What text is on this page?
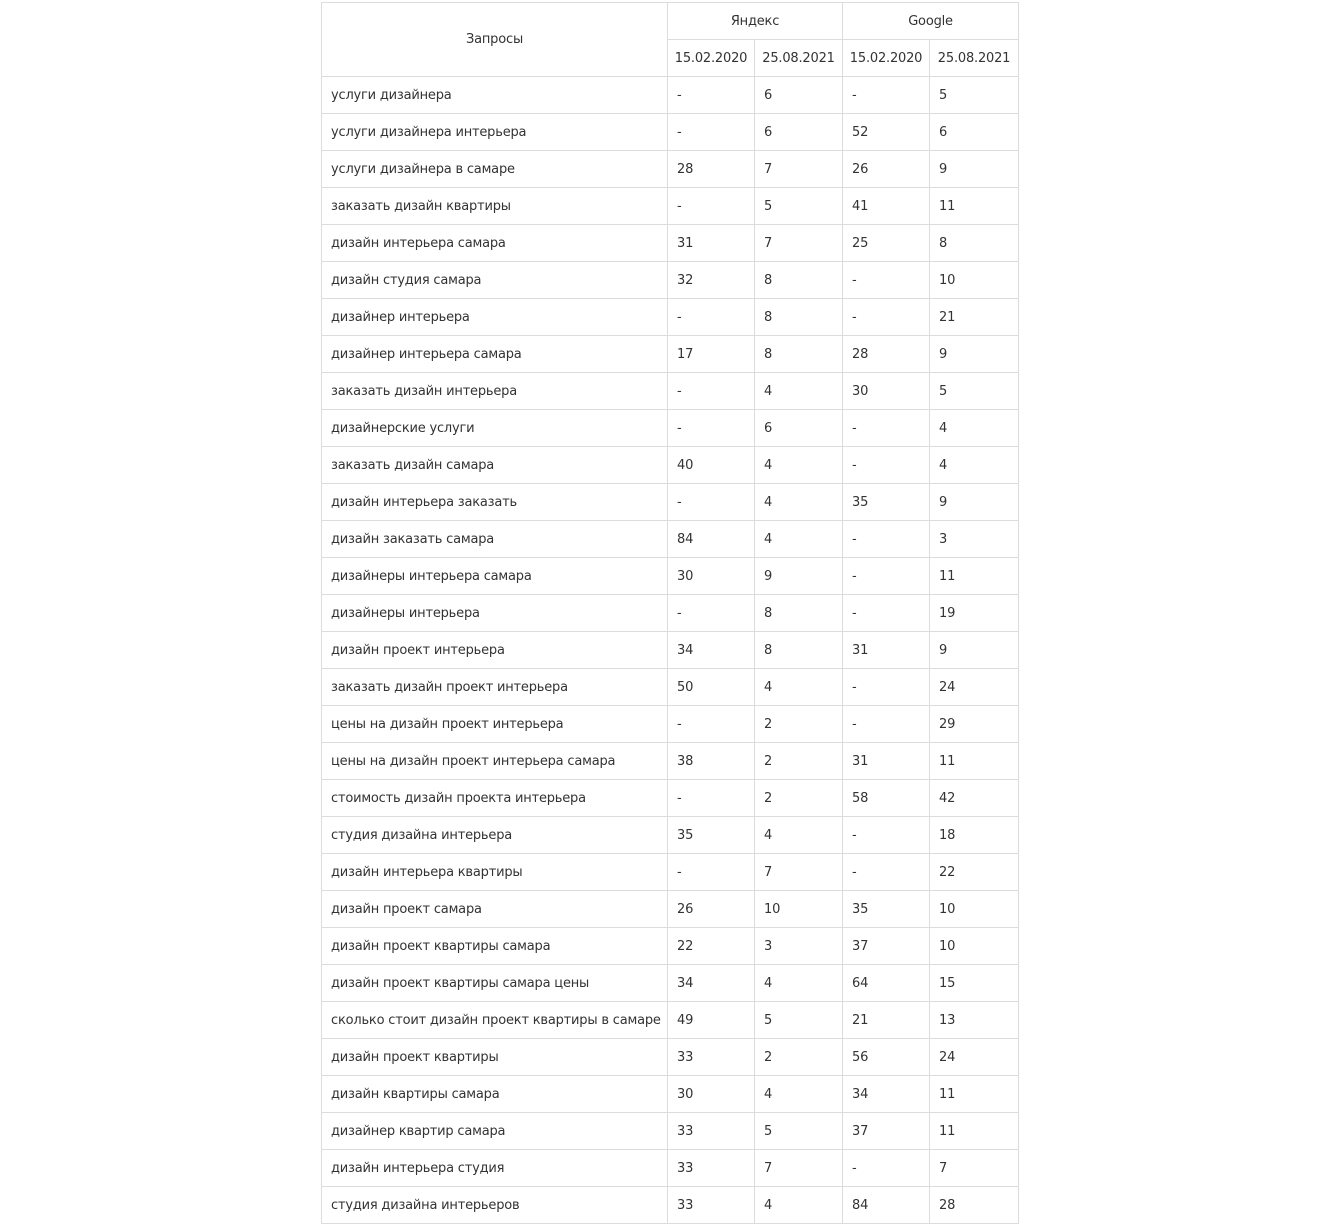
Запросы	Яндекс		Google	
	15.02.2020	25.08.2021	15.02.2020	25.08.2021
услуги дизайнера	-	6	-	5
услуги дизайнера интерьера	-	6	52	6
услуги дизайнера в самаре	28	7	26	9
заказать дизайн квартиры	-	5	41	11
дизайн интерьера самара	31	7	25	8
дизайн студия самара	32	8	-	10
дизайнер интерьера	-	8	-	21
дизайнер интерьера самара	17	8	28	9
заказать дизайн интерьера	-	4	30	5
дизайнерские услуги	-	6	-	4
заказать дизайн самара	40	4	-	4
дизайн интерьера заказать	-	4	35	9
дизайн заказать самара	84	4	-	3
дизайнеры интерьера самара	30	9	-	11
дизайнеры интерьера	-	8	-	19
дизайн проект интерьера	34	8	31	9
заказать дизайн проект интерьера	50	4	-	24
цены на дизайн проект интерьера	-	2	-	29
цены на дизайн проект интерьера самара	38	2	31	11
стоимость дизайн проекта интерьера	-	2	58	42
студия дизайна интерьера	35	4	-	18
дизайн интерьера квартиры	-	7	-	22
дизайн проект самара	26	10	35	10
дизайн проект квартиры самара	22	3	37	10
дизайн проект квартиры самара цены	34	4	64	15
сколько стоит дизайн проект квартиры в самаре	49	5	21	13
дизайн проект квартиры	33	2	56	24
дизайн квартиры самара	30	4	34	11
дизайнер квартир самара	33	5	37	11
дизайн интерьера студия	33	7	-	7
студия дизайна интерьеров	33	4	84	28
